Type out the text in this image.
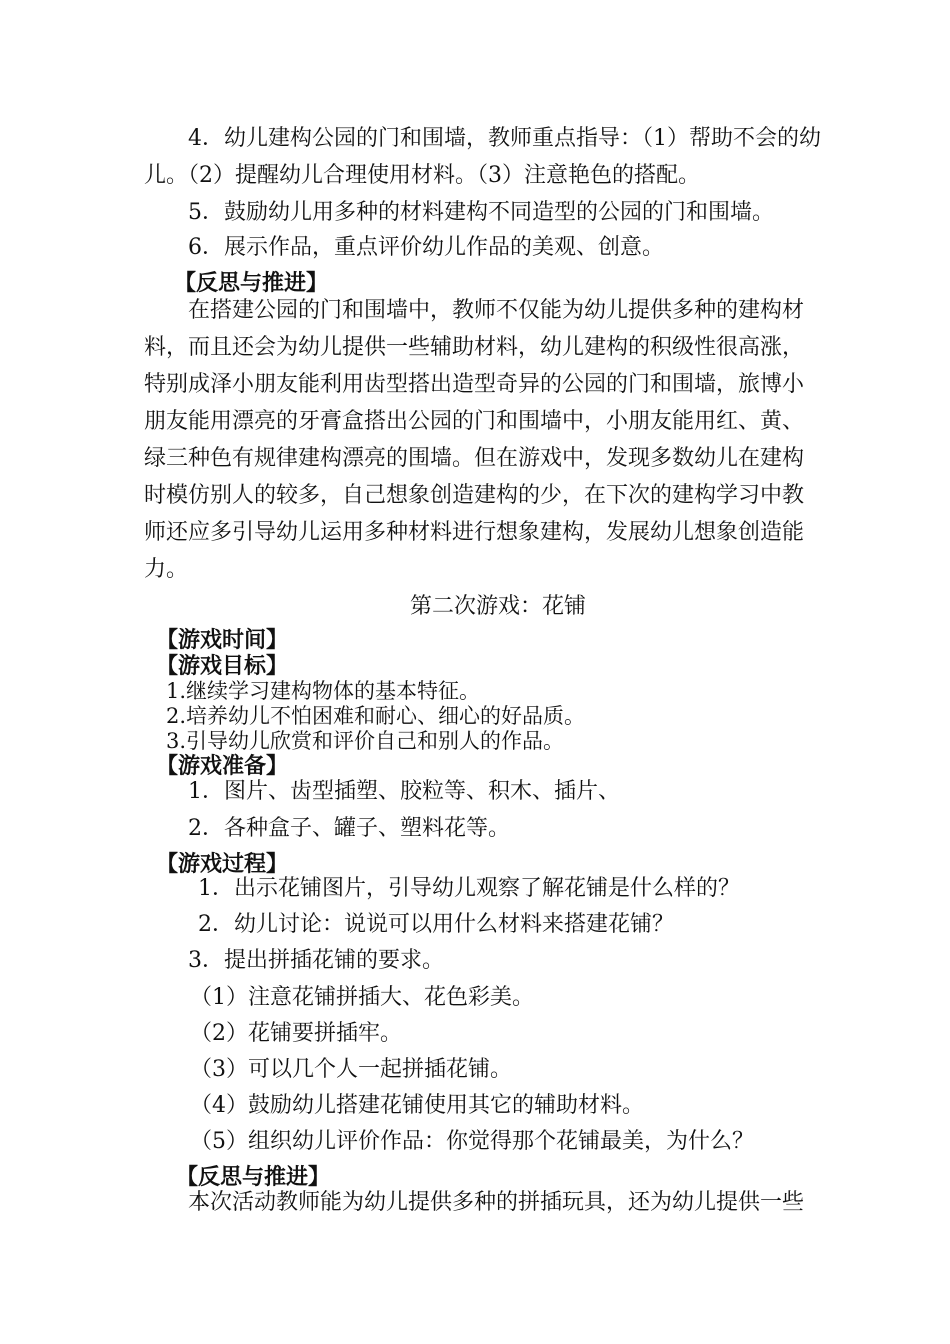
4．幼儿建构公园的门和围墙，教师重点指导：（1）帮助不会的幼
儿。（2）提醒幼儿合理使用材料。（3）注意艳色的搭配。
5．鼓励幼儿用多种的材料建构不同造型的公园的门和围墙。
6．展示作品，重点评价幼儿作品的美观、创意。
【反思与推进】
在搭建公园的门和围墙中，教师不仅能为幼儿提供多种的建构材
料，而且还会为幼儿提供一些辅助材料，幼儿建构的积级性很高涨，
特别成泽小朋友能利用齿型搭出造型奇异的公园的门和围墙，旅博小
朋友能用漂亮的牙膏盒搭出公园的门和围墙中，小朋友能用红、黄、
绿三种色有规律建构漂亮的围墙。但在游戏中，发现多数幼儿在建构
时模仿别人的较多，自己想象创造建构的少，在下次的建构学习中教
师还应多引导幼儿运用多种材料进行想象建构，发展幼儿想象创造能
力。
第二次游戏：花铺
【游戏时间】
【游戏目标】
1.继续学习建构物体的基本特征。
2.培养幼儿不怕困难和耐心、细心的好品质。
3.引导幼儿欣赏和评价自己和别人的作品。
【游戏准备】
1．图片、齿型插塑、胶粒等、积木、插片、
2．各种盒子、罐子、塑料花等。
【游戏过程】
1．出示花铺图片，引导幼儿观察了解花铺是什么样的？
2．幼儿讨论：说说可以用什么材料来搭建花铺？
3．提出拼插花铺的要求。
（1）注意花铺拼插大、花色彩美。
（2）花铺要拼插牢。
（3）可以几个人一起拼插花铺。
（4）鼓励幼儿搭建花铺使用其它的辅助材料。
（5）组织幼儿评价作品：你觉得那个花铺最美，为什么？
【反思与推进】
本次活动教师能为幼儿提供多种的拼插玩具，还为幼儿提供一些
